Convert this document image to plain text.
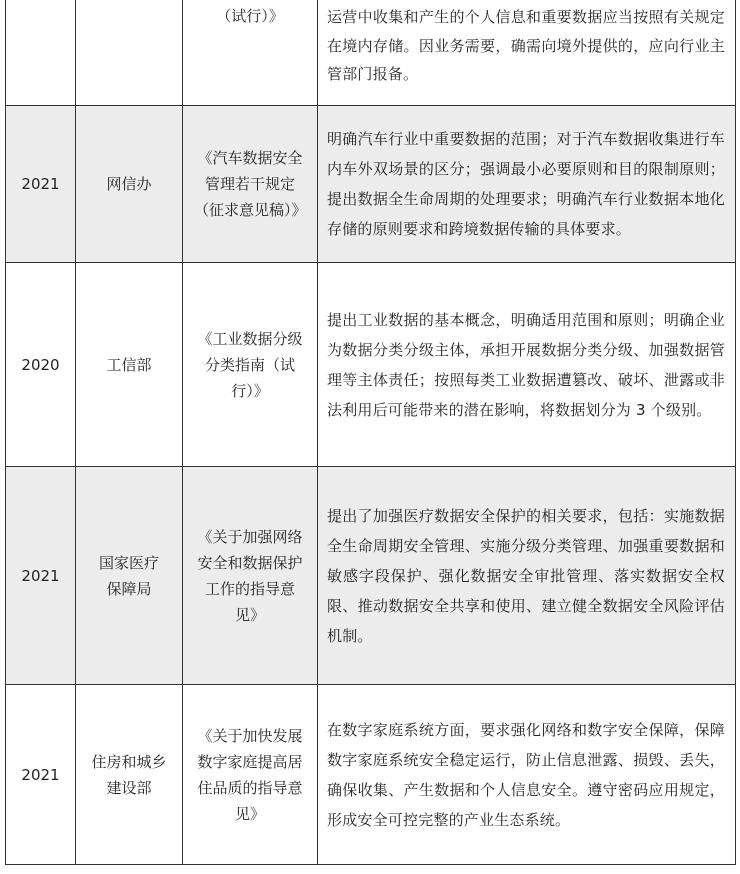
		（试行）》	运营中收集和产生的个人信息和重要数据应当按照有关规定在境内存储。因业务需要，确需向境外提供的，应向行业主管部门报备。
2021	网信办	《汽车数据安全管理若干规定（征求意见稿）》	明确汽车行业中重要数据的范围；对于汽车数据收集进行车内车外双场景的区分；强调最小必要原则和目的限制原则；提出数据全生命周期的处理要求；明确汽车行业数据本地化存储的原则要求和跨境数据传输的具体要求。
2020	工信部	《工业数据分级分类指南（试行）》	提出工业数据的基本概念，明确适用范围和原则；明确企业为数据分类分级主体，承担开展数据分类分级、加强数据管理等主体责任；按照每类工业数据遭篡改、破坏、泄露或非法利用后可能带来的潜在影响，将数据划分为 3 个级别。
2021	国家医疗保障局	《关于加强网络安全和数据保护工作的指导意见》	提出了加强医疗数据安全保护的相关要求，包括：实施数据全生命周期安全管理、实施分级分类管理、加强重要数据和敏感字段保护、强化数据安全审批管理、落实数据安全权限、推动数据安全共享和使用、建立健全数据安全风险评估机制。
2021	住房和城乡建设部	《关于加快发展数字家庭提高居住品质的指导意见》	在数字家庭系统方面，要求强化网络和数字安全保障，保障数字家庭系统安全稳定运行，防止信息泄露、损毁、丢失，确保收集、产生数据和个人信息安全。遵守密码应用规定，形成安全可控完整的产业生态系统。
